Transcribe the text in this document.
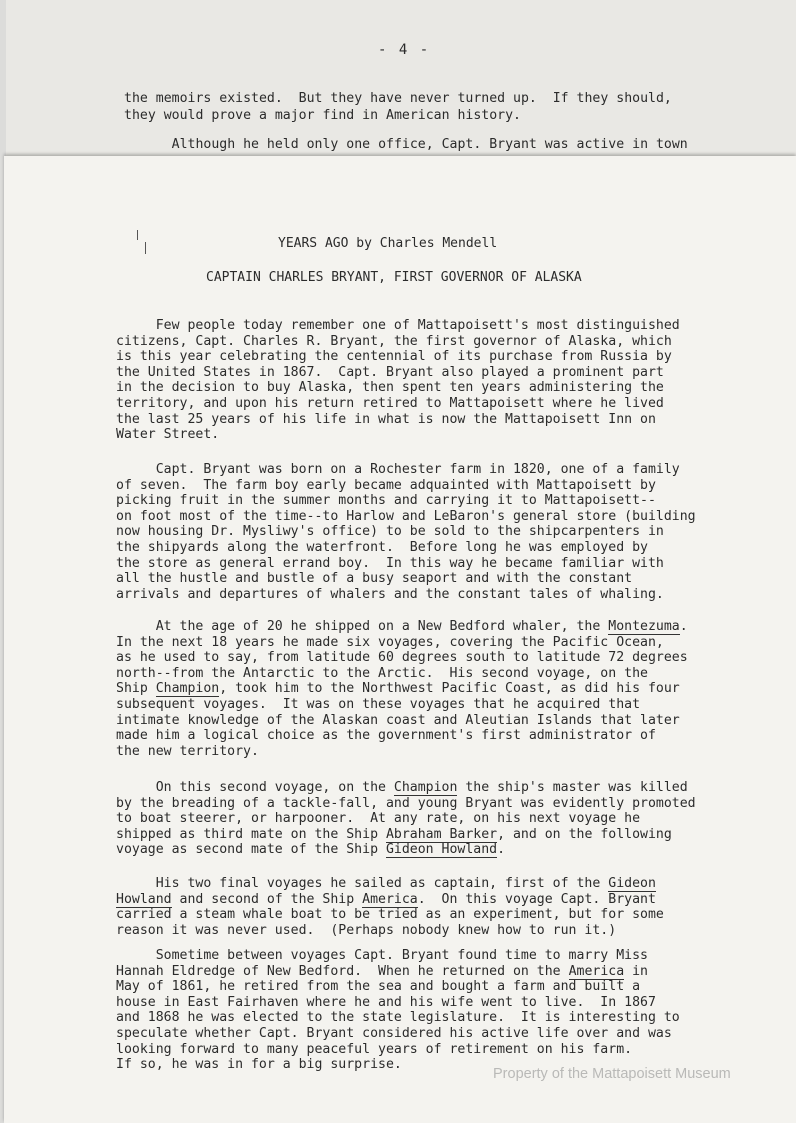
- 4 -
the memoirs existed.  But they have never turned up.  If they should,
they would prove a major find in American history.
Although he held only one office, Capt. Bryant was active in town
YEARS AGO by Charles Mendell
CAPTAIN CHARLES BRYANT, FIRST GOVERNOR OF ALASKA
Few people today remember one of Mattapoisett's most distinguished
citizens, Capt. Charles R. Bryant, the first governor of Alaska, which
is this year celebrating the centennial of its purchase from Russia by
the United States in 1867.  Capt. Bryant also played a prominent part
in the decision to buy Alaska, then spent ten years administering the
territory, and upon his return retired to Mattapoisett where he lived
the last 25 years of his life in what is now the Mattapoisett Inn on
Water Street.
Capt. Bryant was born on a Rochester farm in 1820, one of a family
of seven.  The farm boy early became adquainted with Mattapoisett by
picking fruit in the summer months and carrying it to Mattapoisett--
on foot most of the time--to Harlow and LeBaron's general store (building
now housing Dr. Mysliwy's office) to be sold to the shipcarpenters in
the shipyards along the waterfront.  Before long he was employed by
the store as general errand boy.  In this way he became familiar with
all the hustle and bustle of a busy seaport and with the constant
arrivals and departures of whalers and the constant tales of whaling.
At the age of 20 he shipped on a New Bedford whaler, the Montezuma.
In the next 18 years he made six voyages, covering the Pacific Ocean,
as he used to say, from latitude 60 degrees south to latitude 72 degrees
north--from the Antarctic to the Arctic.  His second voyage, on the
Ship Champion, took him to the Northwest Pacific Coast, as did his four
subsequent voyages.  It was on these voyages that he acquired that
intimate knowledge of the Alaskan coast and Aleutian Islands that later
made him a logical choice as the government's first administrator of
the new territory.
On this second voyage, on the Champion the ship's master was killed
by the breading of a tackle-fall, and young Bryant was evidently promoted
to boat steerer, or harpooner.  At any rate, on his next voyage he
shipped as third mate on the Ship Abraham Barker, and on the following
voyage as second mate of the Ship Gideon Howland.
His two final voyages he sailed as captain, first of the Gideon
Howland and second of the Ship America.  On this voyage Capt. Bryant
carried a steam whale boat to be tried as an experiment, but for some
reason it was never used.  (Perhaps nobody knew how to run it.)
Sometime between voyages Capt. Bryant found time to marry Miss
Hannah Eldredge of New Bedford.  When he returned on the America in
May of 1861, he retired from the sea and bought a farm and built a
house in East Fairhaven where he and his wife went to live.  In 1867
and 1868 he was elected to the state legislature.  It is interesting to
speculate whether Capt. Bryant considered his active life over and was
looking forward to many peaceful years of retirement on his farm.
If so, he was in for a big surprise.
Property of the Mattapoisett Museum
